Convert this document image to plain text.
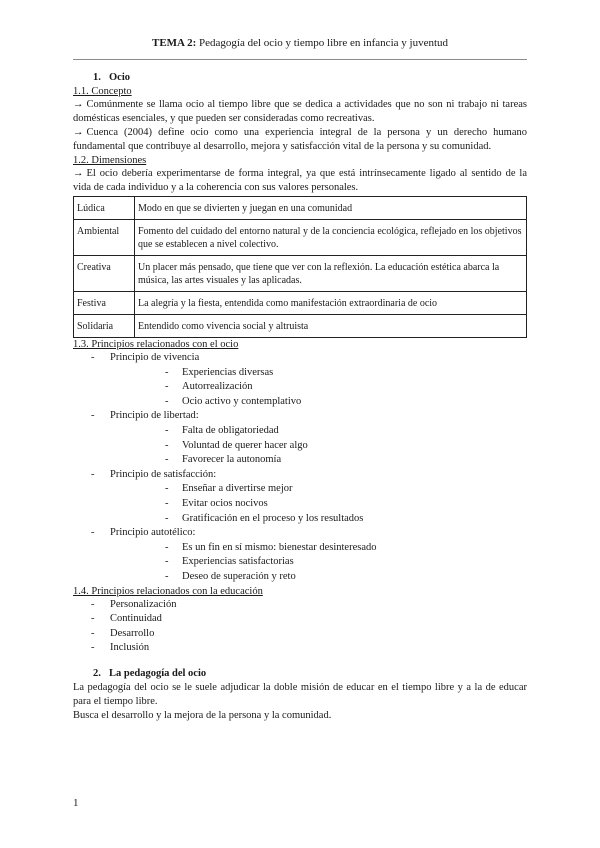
TEMA 2: Pedagogía del ocio y tiempo libre en infancia y juventud
1. Ocio
1.1. Concepto

→ Comúnmente se llama ocio al tiempo libre que se dedica a actividades que no son ni trabajo ni tareas domésticas esenciales, y que pueden ser consideradas como recreativas.

→ Cuenca (2004) define ocio como una experiencia integral de la persona y un derecho humano fundamental que contribuye al desarrollo, mejora y satisfacción vital de la persona y su comunidad.

1.2. Dimensiones

→ El ocio debería experimentarse de forma integral, ya que está intrínsecamente ligado al sentido de la vida de cada individuo y a la coherencia con sus valores personales.

Lúdica	Modo en que se divierten y juegan en una comunidad
Ambiental	Fomento del cuidado del entorno natural y de la conciencia ecológica, reflejado en los objetivos que se establecen a nivel colectivo.
Creativa	Un placer más pensado, que tiene que ver con la reflexión. La educación estética abarca la música, las artes visuales y las aplicadas.
Festiva	La alegría y la fiesta, entendida como manifestación extraordinaria de ocio
Solidaria	Entendido como vivencia social y altruista
1.3. Principios relacionados con el ocio
- Principio de vivencia
- Experiencias diversas
- Autorrealización
- Ocio activo y contemplativo
- Principio de libertad:
- Falta de obligatoriedad
- Voluntad de querer hacer algo
- Favorecer la autonomía
- Principio de satisfacción:
- Enseñar a divertirse mejor
- Evitar ocios nocivos
- Gratificación en el proceso y los resultados
- Principio autotélico:
- Es un fin en sí mismo: bienestar desinteresado
- Experiencias satisfactorias
- Deseo de superación y reto
1.4. Principios relacionados con la educación
- Personalización
- Continuidad
- Desarrollo
- Inclusión
2. La pedagogía del ocio

La pedagogía del ocio se le suele adjudicar la doble misión de educar en el tiempo libre y a la de educar para el tiempo libre.

Busca el desarrollo y la mejora de la persona y la comunidad.

1
